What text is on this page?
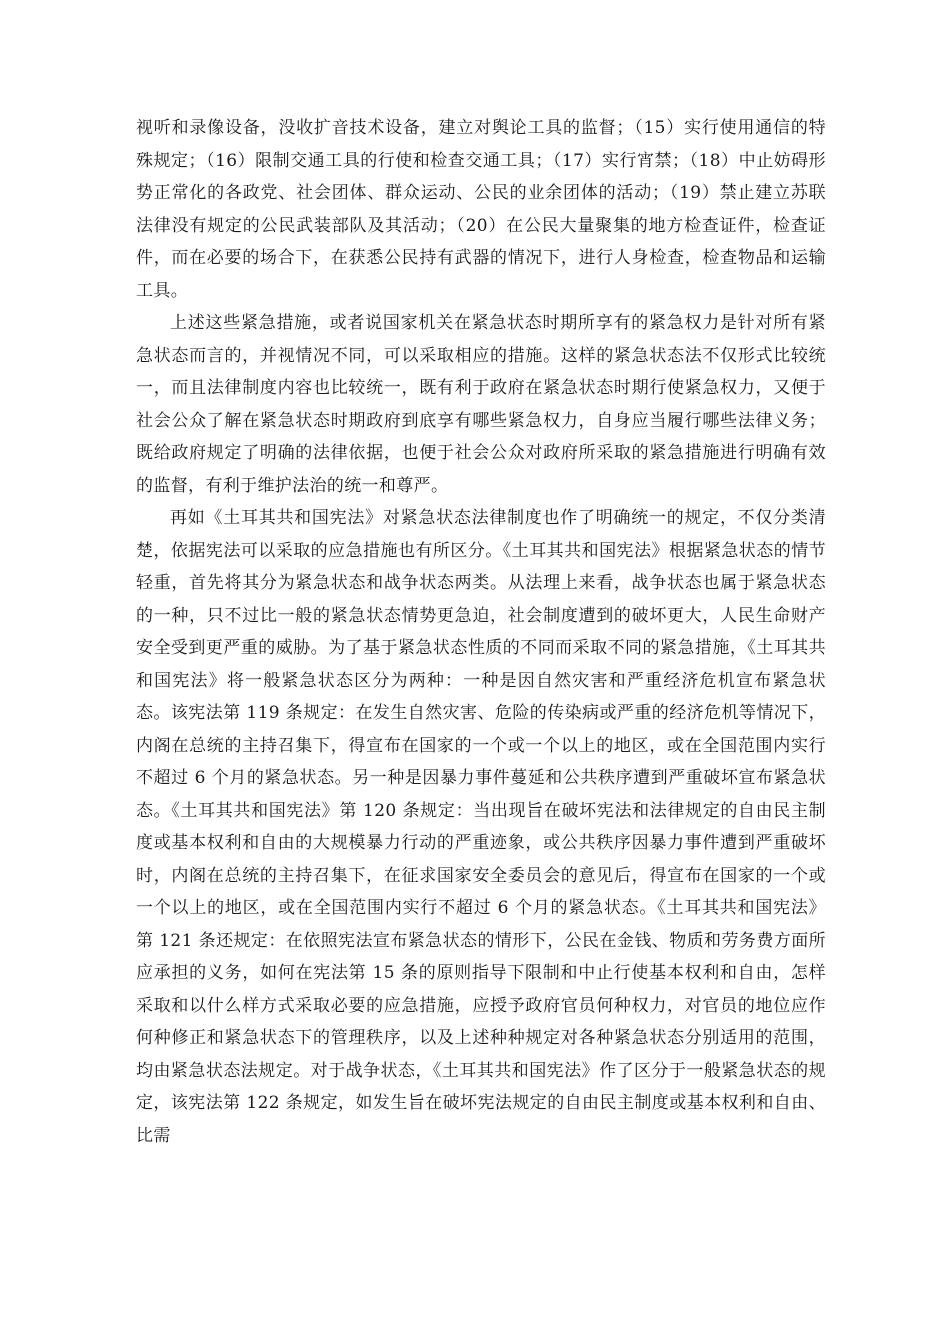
视听和录像设备，没收扩音技术设备，建立对舆论工具的监督；（15）实行使用通信的特殊规定；（16）限制交通工具的行使和检查交通工具；（17）实行宵禁；（18）中止妨碍形势正常化的各政党、社会团体、群众运动、公民的业余团体的活动；（19）禁止建立苏联法律没有规定的公民武装部队及其活动；（20）在公民大量聚集的地方检查证件，检查证件，而在必要的场合下，在获悉公民持有武器的情况下，进行人身检查，检查物品和运输工具。

上述这些紧急措施，或者说国家机关在紧急状态时期所享有的紧急权力是针对所有紧急状态而言的，并视情况不同，可以采取相应的措施。这样的紧急状态法不仅形式比较统一，而且法律制度内容也比较统一，既有利于政府在紧急状态时期行使紧急权力，又便于社会公众了解在紧急状态时期政府到底享有哪些紧急权力，自身应当履行哪些法律义务；既给政府规定了明确的法律依据，也便于社会公众对政府所采取的紧急措施进行明确有效的监督，有利于维护法治的统一和尊严。

再如《土耳其共和国宪法》对紧急状态法律制度也作了明确统一的规定，不仅分类清楚，依据宪法可以采取的应急措施也有所区分。《土耳其共和国宪法》根据紧急状态的情节轻重，首先将其分为紧急状态和战争状态两类。从法理上来看，战争状态也属于紧急状态的一种，只不过比一般的紧急状态情势更急迫，社会制度遭到的破坏更大，人民生命财产安全受到更严重的威胁。为了基于紧急状态性质的不同而采取不同的紧急措施，《土耳其共和国宪法》将一般紧急状态区分为两种：一种是因自然灾害和严重经济危机宣布紧急状态。该宪法第 119 条规定：在发生自然灾害、危险的传染病或严重的经济危机等情况下，内阁在总统的主持召集下，得宣布在国家的一个或一个以上的地区，或在全国范围内实行不超过 6 个月的紧急状态。另一种是因暴力事件蔓延和公共秩序遭到严重破坏宣布紧急状态。《土耳其共和国宪法》第 120 条规定：当出现旨在破坏宪法和法律规定的自由民主制度或基本权利和自由的大规模暴力行动的严重迹象，或公共秩序因暴力事件遭到严重破坏时，内阁在总统的主持召集下，在征求国家安全委员会的意见后，得宣布在国家的一个或一个以上的地区，或在全国范围内实行不超过 6 个月的紧急状态。《土耳其共和国宪法》第 121 条还规定：在依照宪法宣布紧急状态的情形下，公民在金钱、物质和劳务费方面所应承担的义务，如何在宪法第 15 条的原则指导下限制和中止行使基本权利和自由，怎样采取和以什么样方式采取必要的应急措施，应授予政府官员何种权力，对官员的地位应作何种修正和紧急状态下的管理秩序，以及上述种种规定对各种紧急状态分别适用的范围，均由紧急状态法规定。对于战争状态，《土耳其共和国宪法》作了区分于一般紧急状态的规定，该宪法第 122 条规定，如发生旨在破坏宪法规定的自由民主制度或基本权利和自由、比需
